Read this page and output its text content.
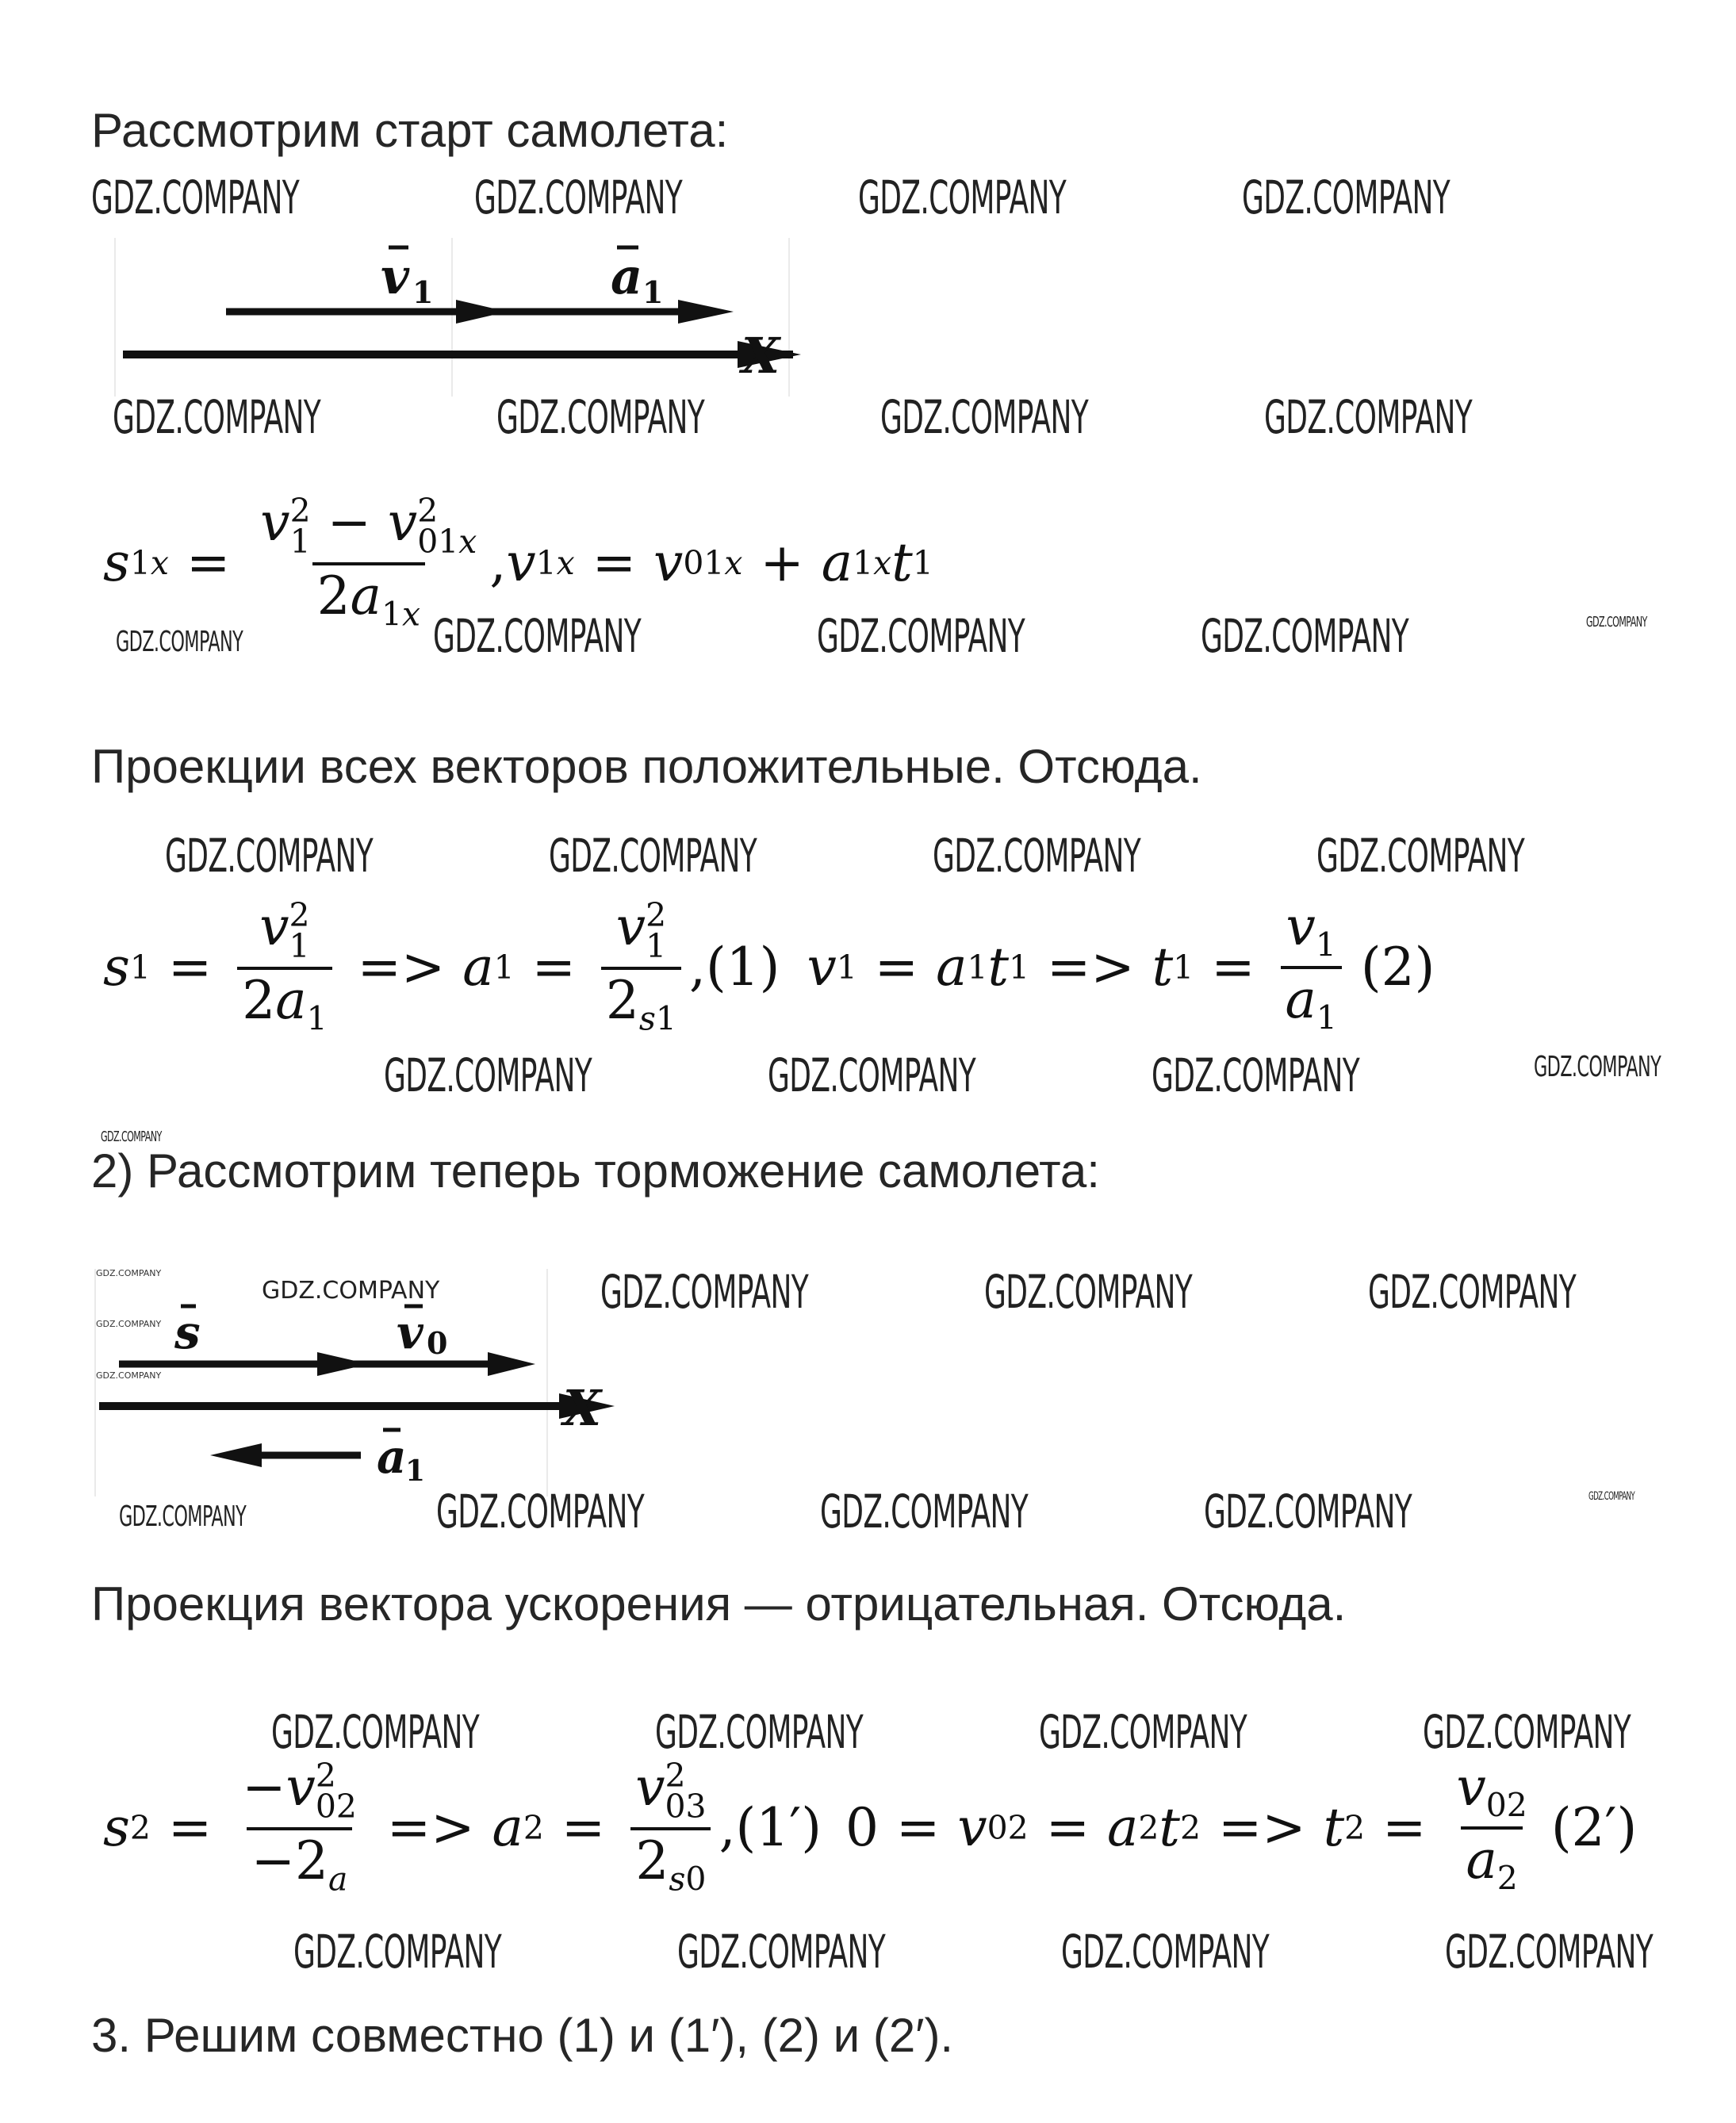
Рассмотрим старт самолета:

GDZ.COMPANY	GDZ.COMPANY	GDZ.COMPANY	GDZ.COMPANY
v 1	a 1
X
GDZ.COMPANY	GDZ.COMPANY	GDZ.COMPANY	GDZ.COMPANY
s 1x = v 2
1 − v 2
01x
$2a_{1x}$ , v 1x = v 01x + a 1x t 1
GDZ.COMPANY	GDZ.COMPANY	GDZ.COMPANY	GDZ.COMPANY	GDZ.COMPANY

Проекции всех векторов положительные. Отсюда.

GDZ.COMPANY	GDZ.COMPANY	GDZ.COMPANY	GDZ.COMPANY
s 1 = v 2
1
$2a_1 => a$ 1 = v 2
1
$2_{s1}$ , (1) v 1 = a 1 t 1 => t $1 = \frac{v_1}{a_1} (2)$
GDZ.COMPANY	GDZ.COMPANY	GDZ.COMPANY	GDZ.COMPANY
GDZ.COMPANY

2) Рассмотрим теперь торможение самолета:

GDZ.COMPANY
GDZ.COMPANY
GDZ.COMPANY
GDZ.COMPANY
s	v 0
a
1
X
GDZ.COMPANY	GDZ.COMPANY	GDZ.COMPANY
GDZ.COMPANY	GDZ.COMPANY	GDZ.COMPANY	GDZ.COMPANY	GDZ.COMPANY

Проекция вектора ускорения — отрицательная. Отсюда.

GDZ.COMPANY	GDZ.COMPANY	GDZ.COMPANY	GDZ.COMPANY
s 2 = −v 2
02
$-2_a => a$ 2 = v 2
03
$2_{s0}$ , (1′) 0 = v 02 = a 2 t 2 => t $2 = \frac{v_{02}}{a_2} (2')$
GDZ.COMPANY	GDZ.COMPANY	GDZ.COMPANY	GDZ.COMPANY

3. Решим совместно (1) и (1′), (2) и (2′).
